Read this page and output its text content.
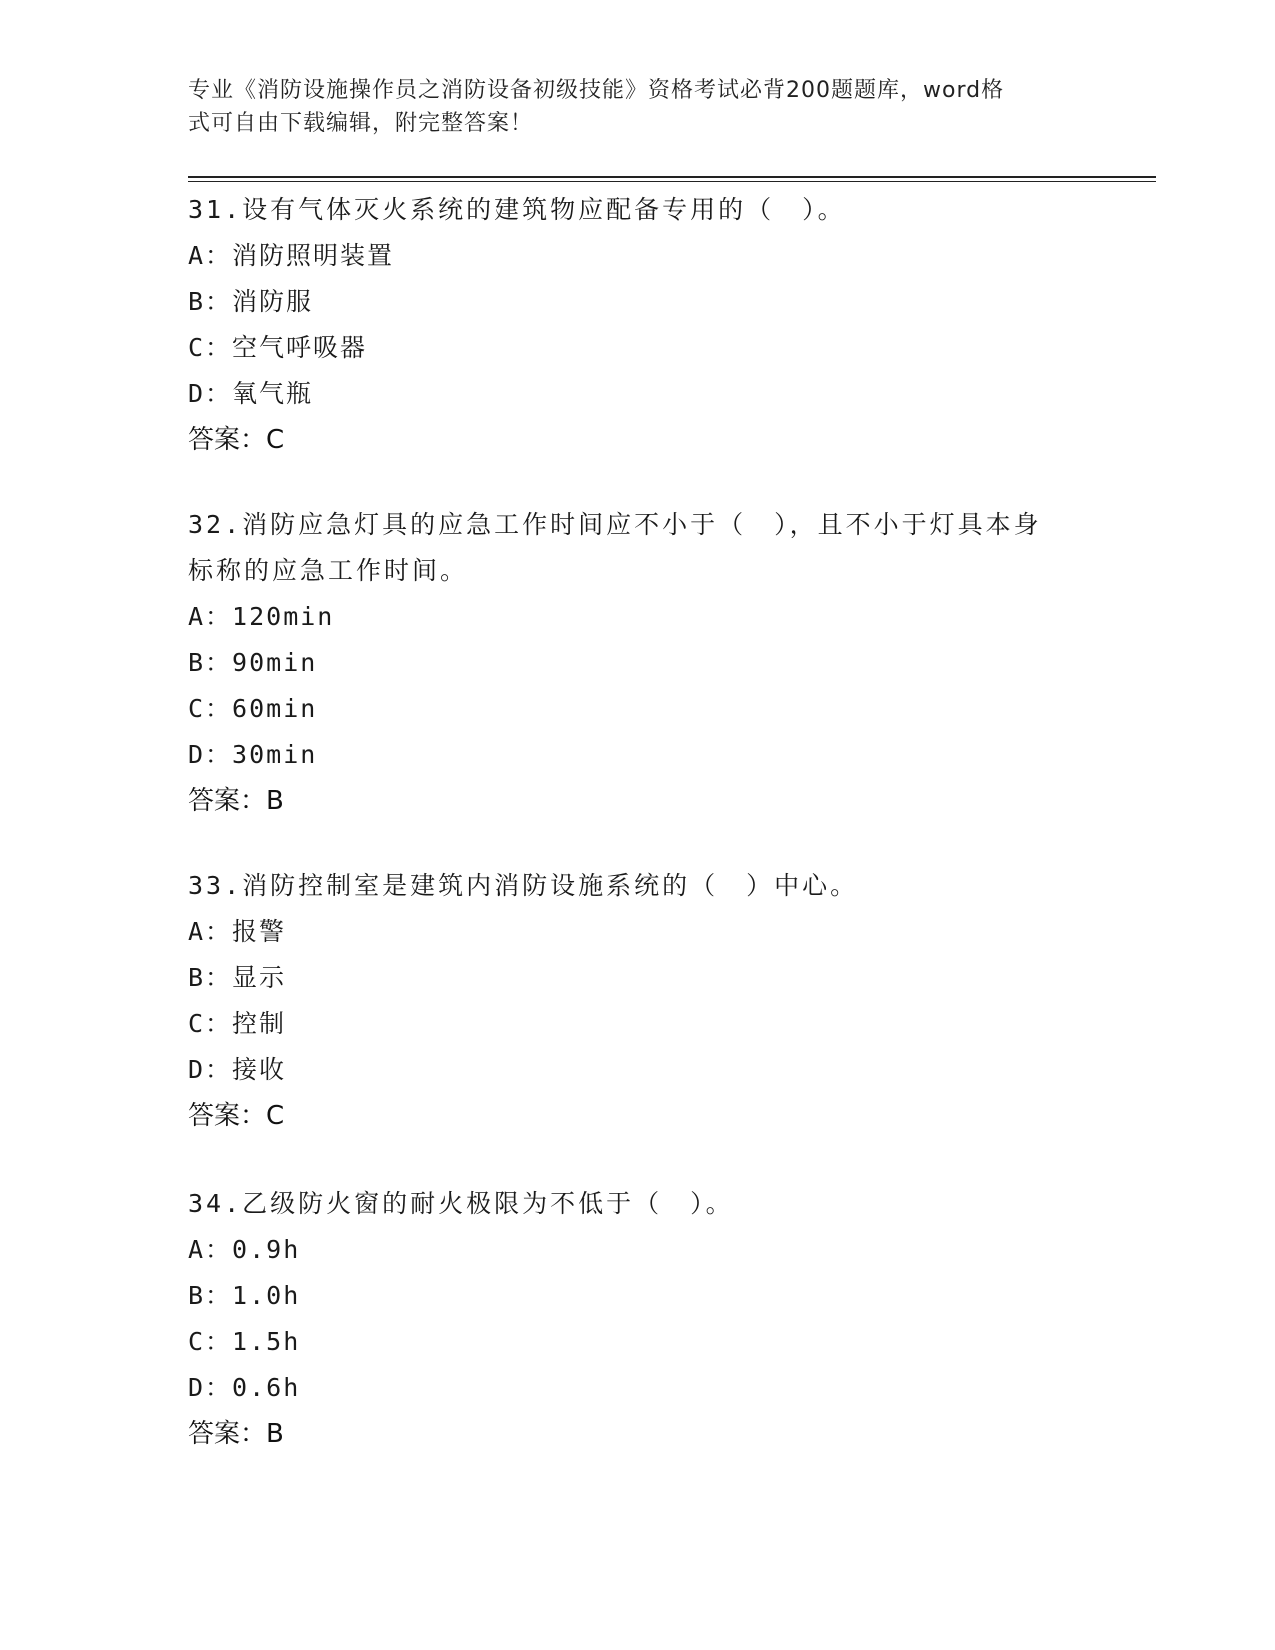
专业《消防设施操作员之消防设备初级技能》资格考试必背200题题库，word格
式可自由下载编辑，附完整答案！

31.设有气体灭火系统的建筑物应配备专用的（　）。

A：消防照明装置

B：消防服

C：空气呼吸器

D：氧气瓶

答案：C

32.消防应急灯具的应急工作时间应不小于（　），且不小于灯具本身

标称的应急工作时间。

A：120min

B：90min

C：60min

D：30min

答案：B

33.消防控制室是建筑内消防设施系统的（　）中心。

A：报警

B：显示

C：控制

D：接收

答案：C

34.乙级防火窗的耐火极限为不低于（　）。

A：0.9h

B：1.0h

C：1.5h

D：0.6h

答案：B
